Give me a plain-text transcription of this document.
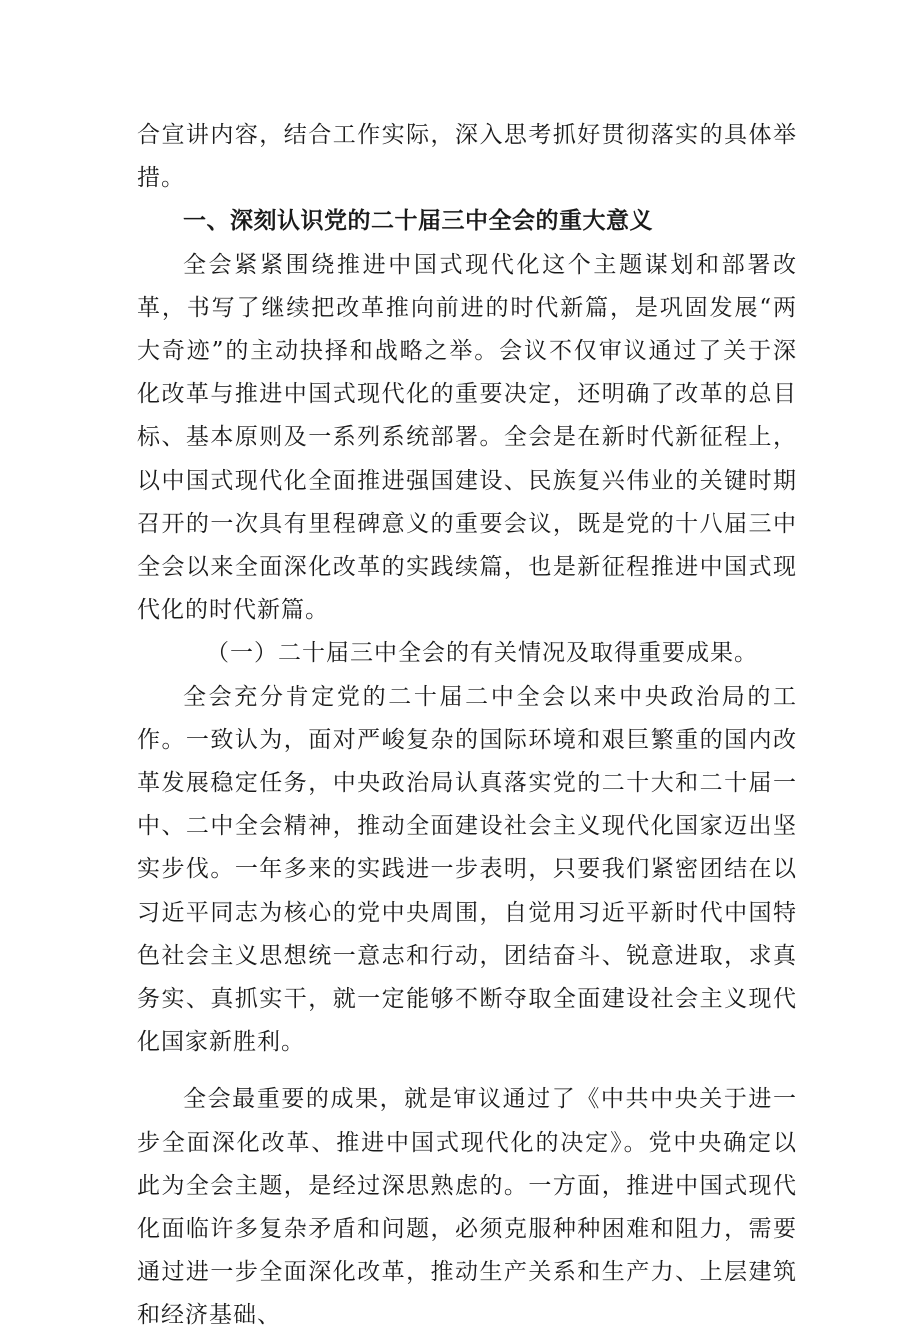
合宣讲内容，结合工作实际，深入思考抓好贯彻落实的具体举措。

一、深刻认识党的二十届三中全会的重大意义

全会紧紧围绕推进中国式现代化这个主题谋划和部署改革，书写了继续把改革推向前进的时代新篇，是巩固发展“两大奇迹”的主动抉择和战略之举。会议不仅审议通过了关于深化改革与推进中国式现代化的重要决定，还明确了改革的总目标、基本原则及一系列系统部署。全会是在新时代新征程上，以中国式现代化全面推进强国建设、民族复兴伟业的关键时期召开的一次具有里程碑意义的重要会议，既是党的十八届三中全会以来全面深化改革的实践续篇，也是新征程推进中国式现代化的时代新篇。

（一）二十届三中全会的有关情况及取得重要成果。

全会充分肯定党的二十届二中全会以来中央政治局的工作。一致认为，面对严峻复杂的国际环境和艰巨繁重的国内改革发展稳定任务，中央政治局认真落实党的二十大和二十届一中、二中全会精神，推动全面建设社会主义现代化国家迈出坚实步伐。一年多来的实践进一步表明，只要我们紧密团结在以习近平同志为核心的党中央周围，自觉用习近平新时代中国特色社会主义思想统一意志和行动，团结奋斗、锐意进取，求真务实、真抓实干，就一定能够不断夺取全面建设社会主义现代化国家新胜利。

全会最重要的成果，就是审议通过了《中共中央关于进一步全面深化改革、推进中国式现代化的决定》。党中央确定以此为全会主题，是经过深思熟虑的。一方面，推进中国式现代化面临许多复杂矛盾和问题，必须克服种种困难和阻力，需要通过进一步全面深化改革，推动生产关系和生产力、上层建筑和经济基础、
